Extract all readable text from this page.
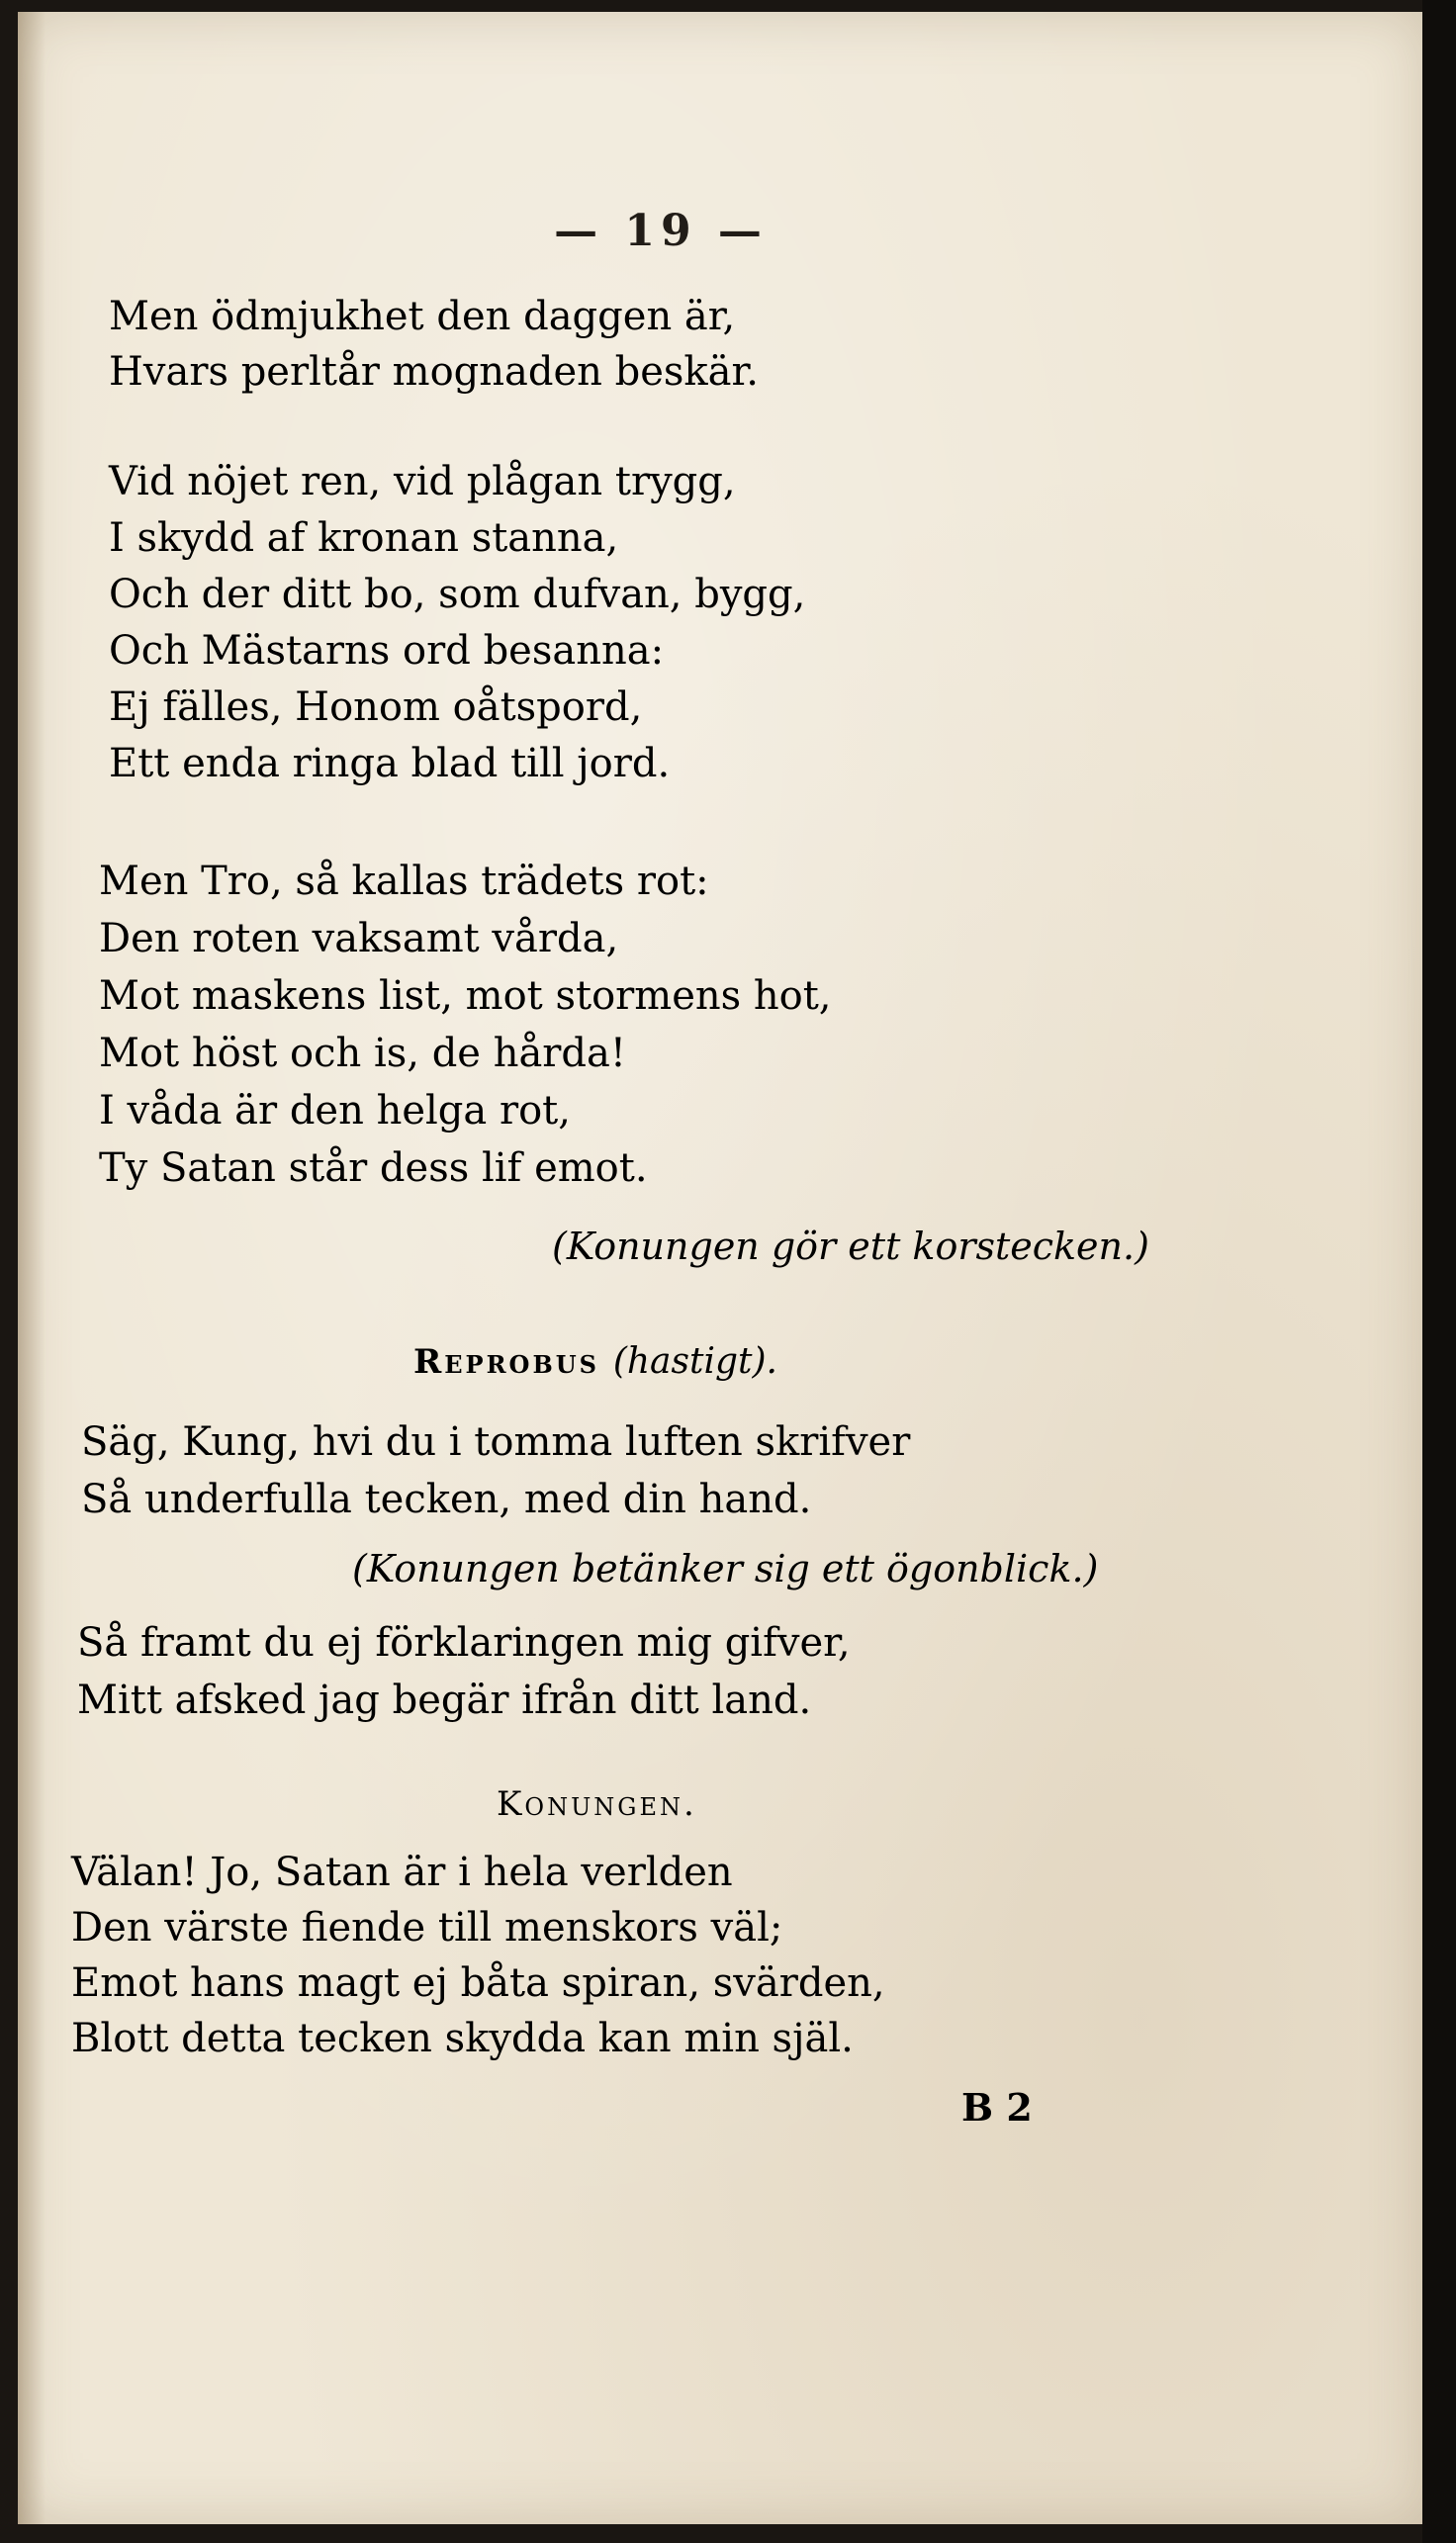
— 19 —
Men ödmjukhet den daggen är,
Hvars perltår mognaden beskär.
Vid nöjet ren, vid plågan trygg,
I skydd af kronan stanna,
Och der ditt bo, som dufvan, bygg,
Och Mästarns ord besanna:
Ej fälles, Honom oåtspord,
Ett enda ringa blad till jord.
Men Tro, så kallas trädets rot:
Den roten vaksamt vårda,
Mot maskens list, mot stormens hot,
Mot höst och is, de hårda!
I våda är den helga rot,
Ty Satan står dess lif emot.
(Konungen gör ett korstecken.)
Reprobus (hastigt).
Säg, Kung, hvi du i tomma luften skrifver
Så underfulla tecken, med din hand.
(Konungen betänker sig ett ögonblick.)
Så framt du ej förklaringen mig gifver,
Mitt afsked jag begär ifrån ditt land.
Konungen.
Välan! Jo, Satan är i hela verlden
Den värste fiende till menskors väl;
Emot hans magt ej båta spiran, svärden,
Blott detta tecken skydda kan min själ.
B 2
